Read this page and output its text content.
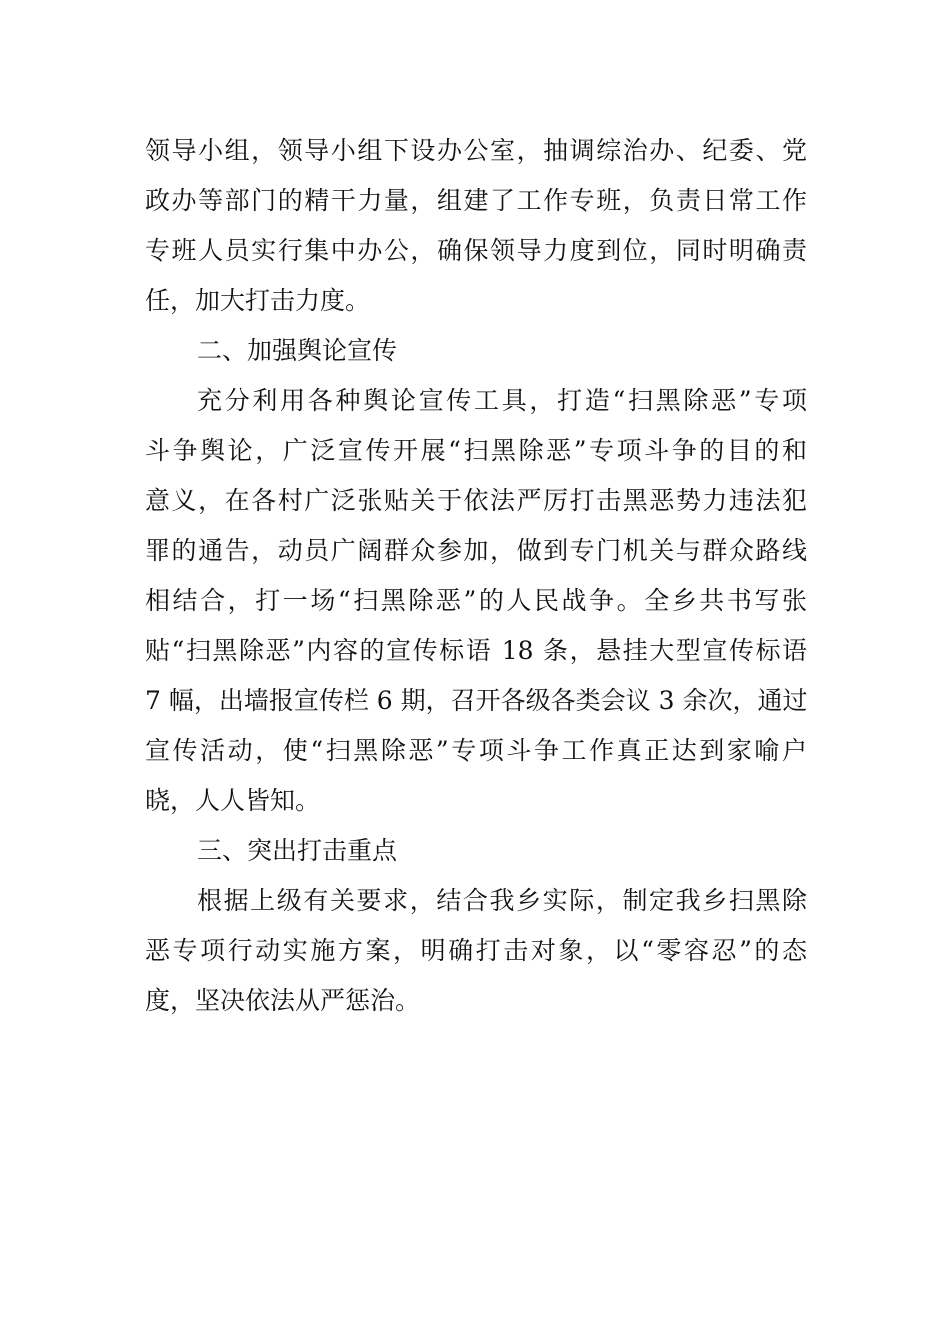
领导小组，领导小组下设办公室，抽调综治办、纪委、党
政办等部门的精干力量，组建了工作专班，负责日常工作
专班人员实行集中办公，确保领导力度到位，同时明确责
任，加大打击力度。
二、加强舆论宣传
充分利用各种舆论宣传工具，打造“扫黑除恶”专项
斗争舆论，广泛宣传开展“扫黑除恶”专项斗争的目的和
意义，在各村广泛张贴关于依法严厉打击黑恶势力违法犯
罪的通告，动员广阔群众参加，做到专门机关与群众路线
相结合，打一场“扫黑除恶”的人民战争。全乡共书写张
贴“扫黑除恶”内容的宣传标语 18 条，悬挂大型宣传标语
7 幅，出墙报宣传栏 6 期，召开各级各类会议 3 余次，通过
宣传活动，使“扫黑除恶”专项斗争工作真正达到家喻户
晓，人人皆知。
三、突出打击重点
根据上级有关要求，结合我乡实际，制定我乡扫黑除
恶专项行动实施方案，明确打击对象，以“零容忍”的态
度，坚决依法从严惩治。
